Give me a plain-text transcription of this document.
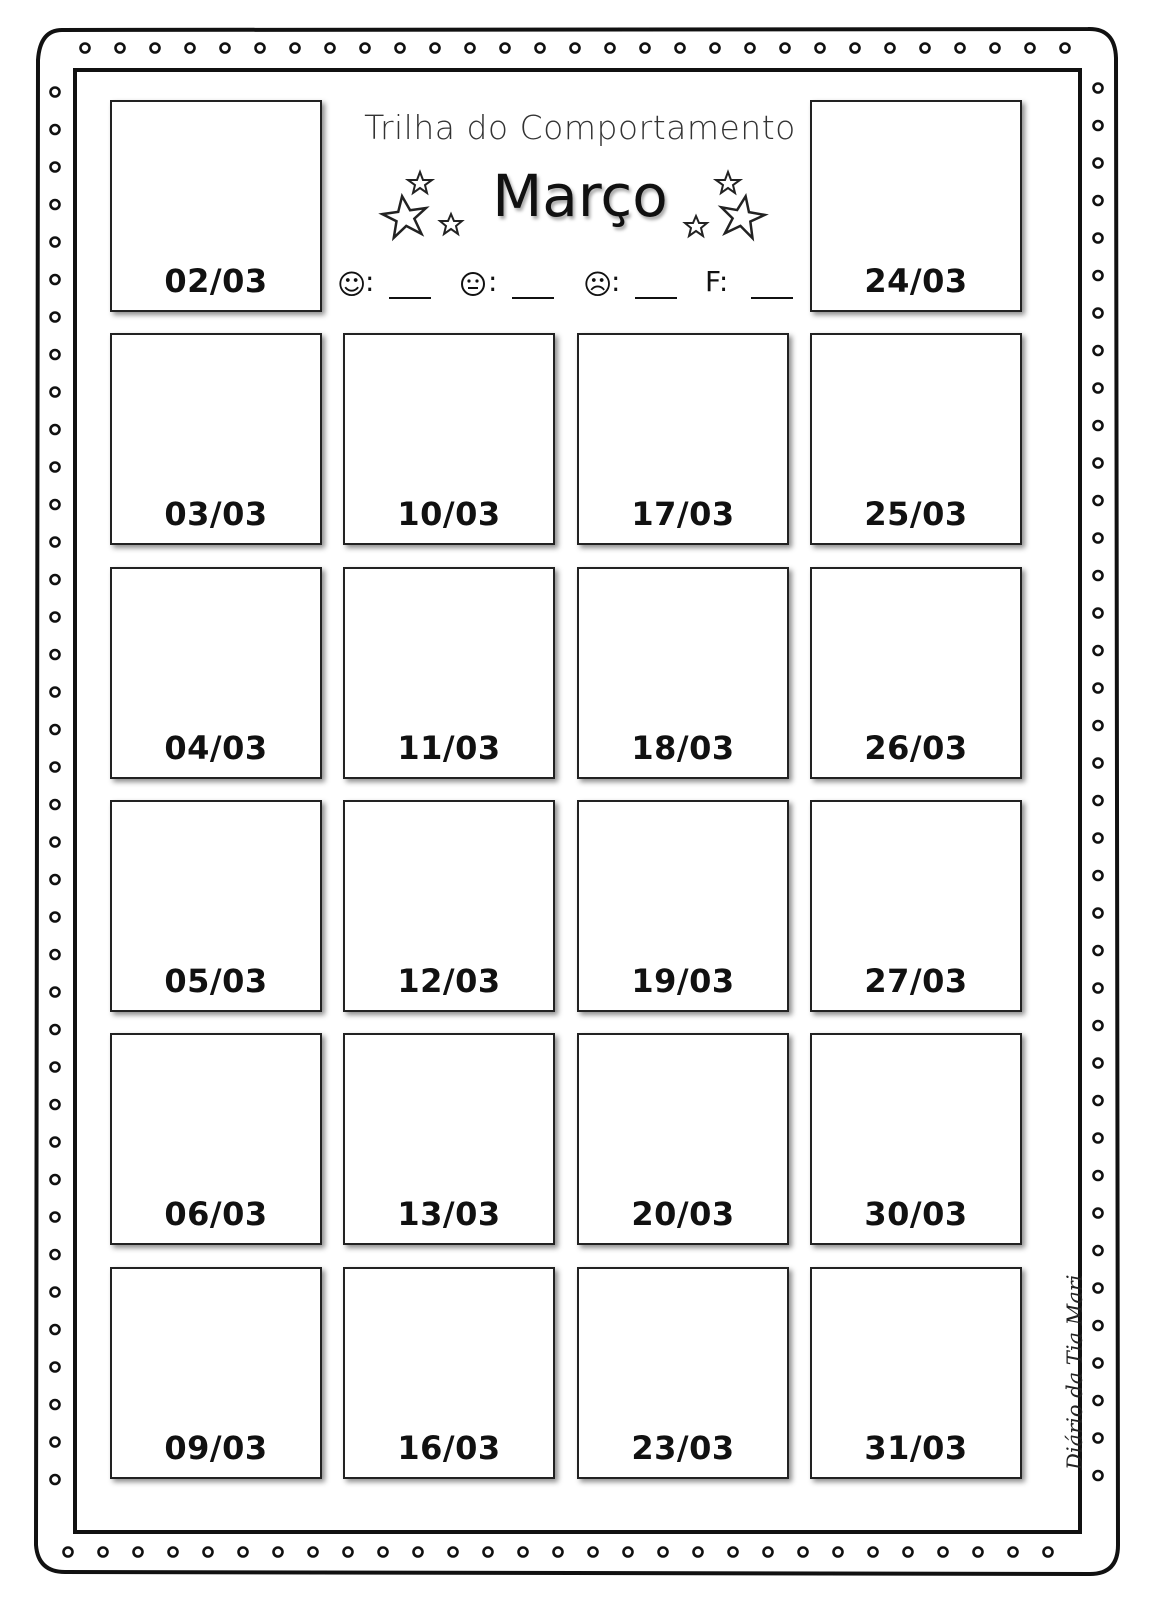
Trilha do Comportamento
Março
☺
:	:	☹
:	F:
02/03	24/03
03/03	10/03	17/03	25/03
04/03	11/03	18/03	26/03
05/03	12/03	19/03	27/03
06/03	13/03	20/03	30/03
09/03	16/03	23/03	31/03	Diário da Tia Mari
